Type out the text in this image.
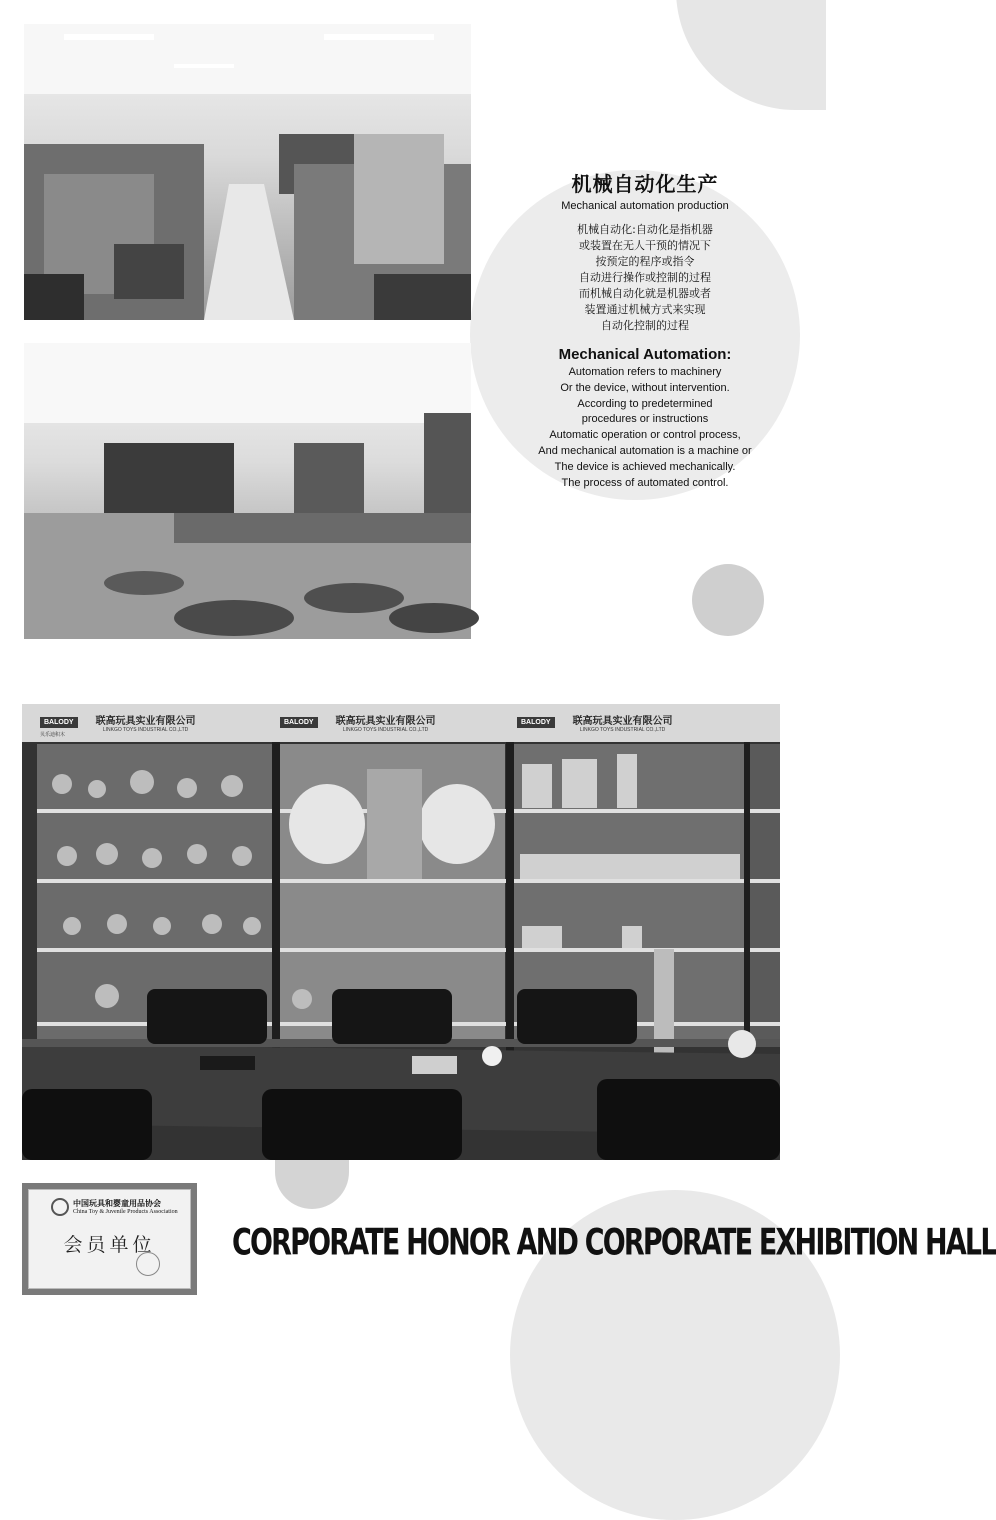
机械自动化生产

Mechanical automation production

机械自动化:自动化是指机器
或装置在无人干预的情况下
按预定的程序或指令
自动进行操作或控制的过程
而机械自动化就是机器或者
装置通过机械方式来实现
自动化控制的过程

Mechanical Automation:

Automation refers to machinery
Or the device, without intervention.
According to predetermined
procedures or instructions
Automatic operation or control process,
And mechanical automation is a machine or
The device is achieved mechanically.
The process of automated control.
BALODY	联高玩具实业有限公司
LINKGO TOYS INDUSTRIAL CO.,LTD
BALODY	联高玩具实业有限公司
LINKGO TOYS INDUSTRIAL CO.,LTD
BALODY	联高玩具实业有限公司
LINKGO TOYS INDUSTRIAL CO.,LTD
贝乐迪积木
中国玩具和婴童用品协会
China Toy & Juvenile Products Association
会员单位	CORPORATE HONOR AND CORPORATE EXHIBITION HALL
